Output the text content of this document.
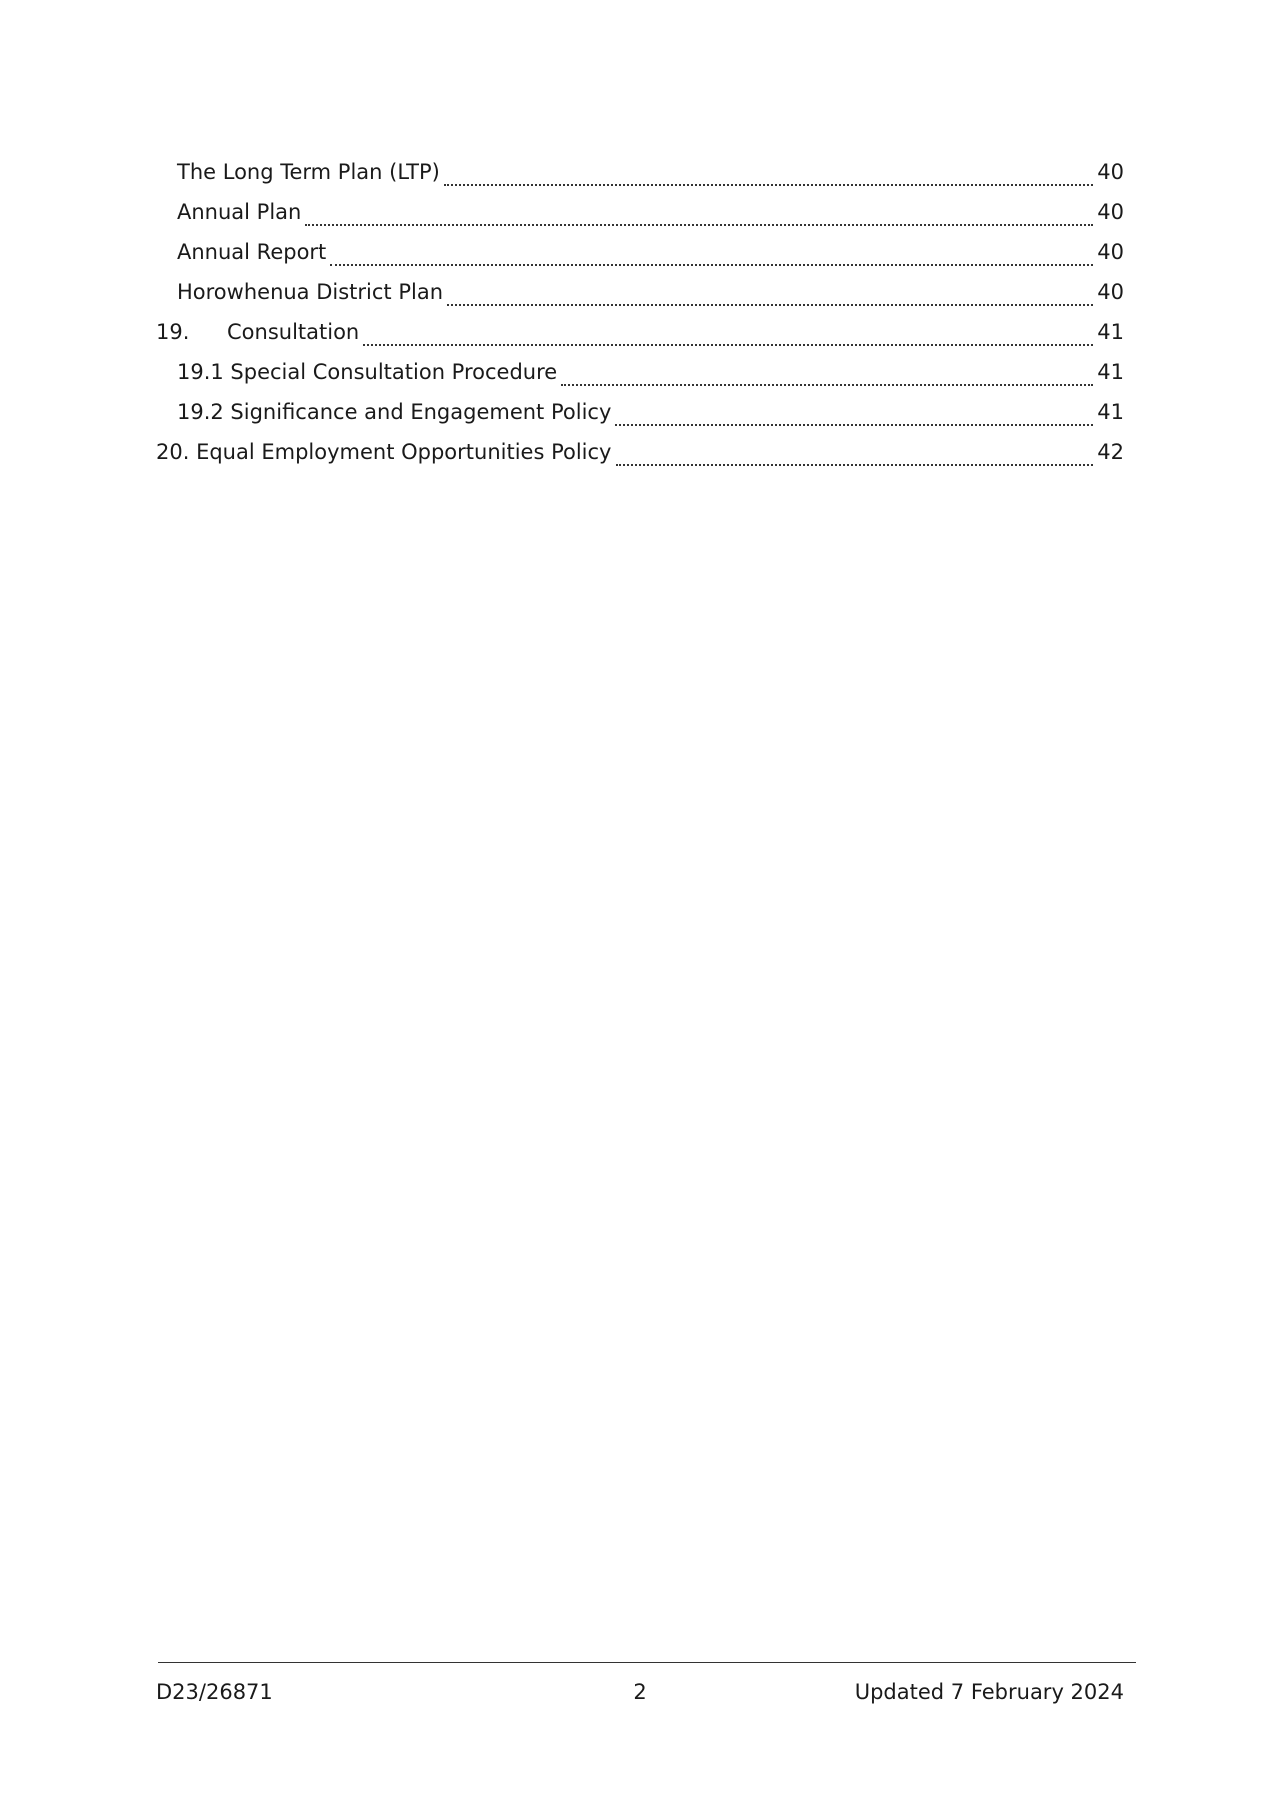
The Long Term Plan (LTP)	40
Annual Plan	40
Annual Report	40
Horowhenua District Plan	40
19.	Consultation	41
19.1 Special Consultation Procedure	41
19.2 Significance and Engagement Policy	41
20. Equal Employment Opportunities Policy	42
D23/26871	2	Updated 7 February 2024
